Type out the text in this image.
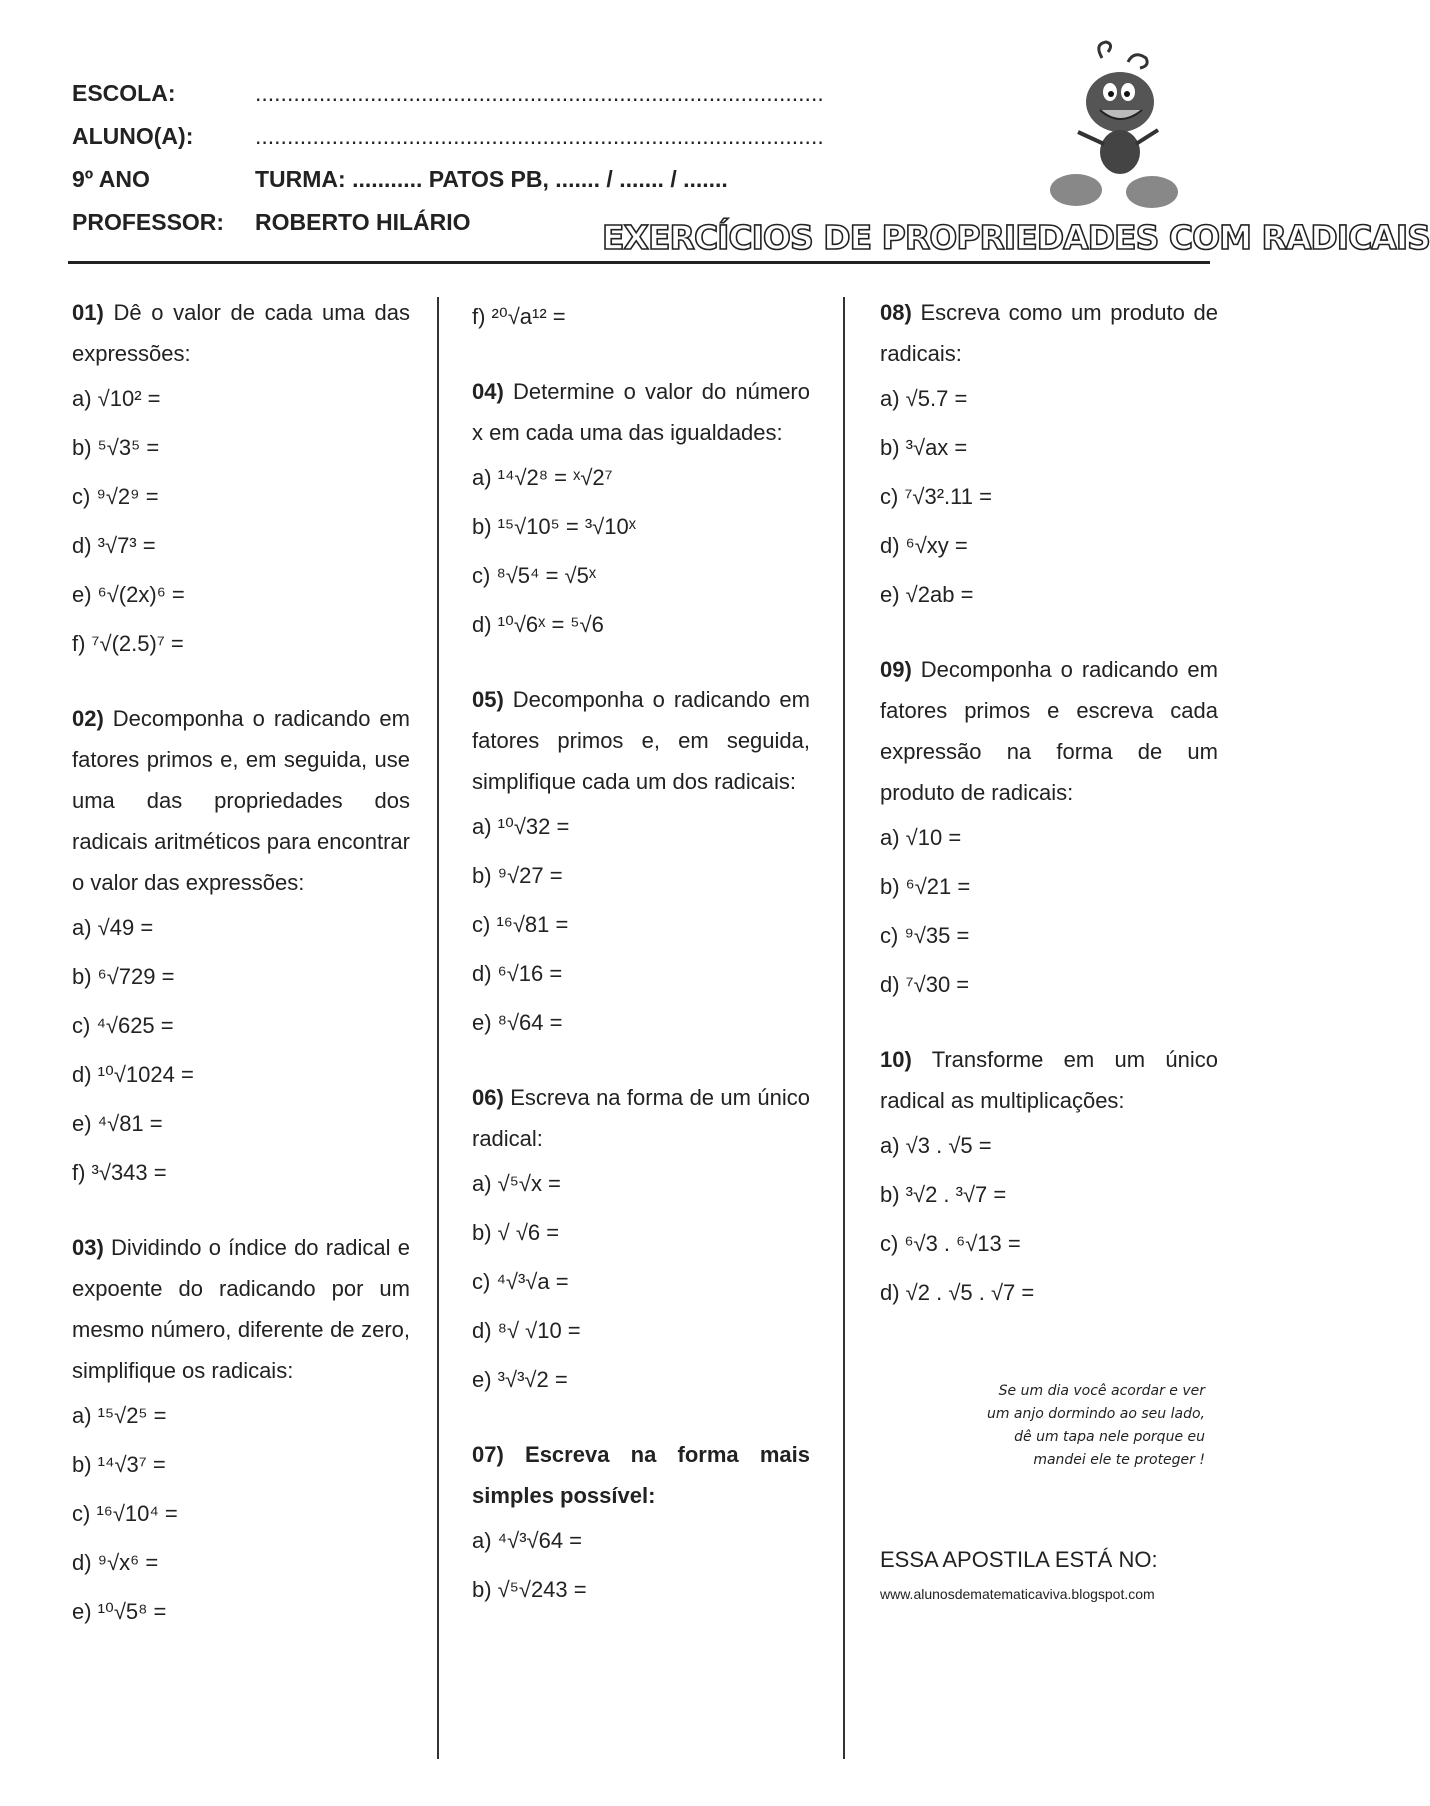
ESCOLA:	.........................................................................................
ALUNO(A):	.........................................................................................
9º ANO	TURMA: ........... PATOS PB, ....... / ....... / .......
PROFESSOR:	ROBERTO HILÁRIO	EXERCÍCIOS DE PROPRIEDADES COM RADICAIS

01) Dê o valor de cada uma das expressões:

a) √10² =
b) ⁵√3⁵ =
c) ⁹√2⁹ =
d) ³√7³ =
e) ⁶√(2x)⁶ =
f) ⁷√(2.5)⁷ =

02) Decomponha o radicando em fatores primos e, em seguida, use uma das propriedades dos radicais aritméticos para encontrar o valor das expressões:

a) √49 =
b) ⁶√729 =
c) ⁴√625 =
d) ¹⁰√1024 =
e) ⁴√81 =
f) ³√343 =

03) Dividindo o índice do radical e expoente do radicando por um mesmo número, diferente de zero, simplifique os radicais:

a) ¹⁵√2⁵ =
b) ¹⁴√3⁷ =
c) ¹⁶√10⁴ =
d) ⁹√x⁶ =
e) ¹⁰√5⁸ =
f) ²⁰√a¹² =

04) Determine o valor do número x em cada uma das igualdades:

a) ¹⁴√2⁸ = ˣ√2⁷
b) ¹⁵√10⁵ = ³√10ˣ
c) ⁸√5⁴ = √5ˣ
d) ¹⁰√6ˣ = ⁵√6

05) Decomponha o radicando em fatores primos e, em seguida, simplifique cada um dos radicais:

a) ¹⁰√32 =
b) ⁹√27 =
c) ¹⁶√81 =
d) ⁶√16 =
e) ⁸√64 =

06) Escreva na forma de um único radical:

a) √⁵√x =
b) √ √6 =
c) ⁴√³√a =
d) ⁸√ √10 =
e) ³√³√2 =

07) Escreva na forma mais simples possível:

a) ⁴√³√64 =
b) √⁵√243 =

08) Escreva como um produto de radicais:

a) √5.7 =
b) ³√ax =
c) ⁷√3².11 =
d) ⁶√xy =
e) √2ab =

09) Decomponha o radicando em fatores primos e escreva cada expressão na forma de um produto de radicais:

a) √10 =
b) ⁶√21 =
c) ⁹√35 =
d) ⁷√30 =

10) Transforme em um único radical as multiplicações:

a) √3 . √5 =
b) ³√2 . ³√7 =
c) ⁶√3 . ⁶√13 =
d) √2 . √5 . √7 =
Se um dia você acordar e ver
um anjo dormindo ao seu lado,
dê um tapa nele porque eu
mandei ele te proteger !
ESSA APOSTILA ESTÁ NO:
www.alunosdematematicaviva.blogspot.com
